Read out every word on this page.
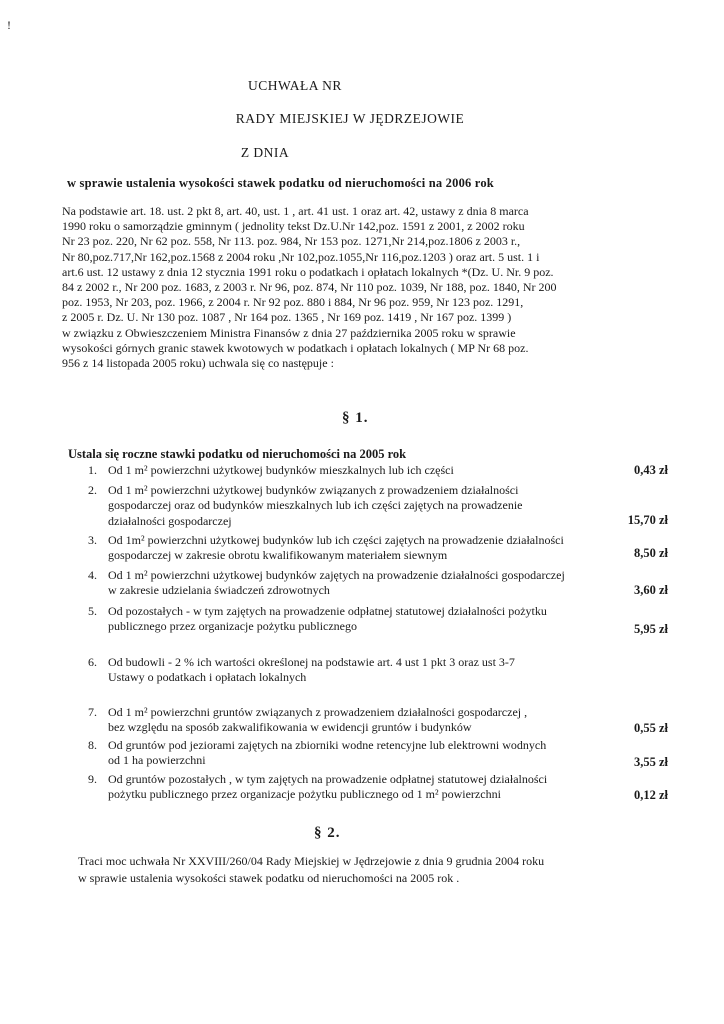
!
UCHWAŁA NR
RADY MIEJSKIEJ W JĘDRZEJOWIE
Z DNIA
w sprawie ustalenia wysokości stawek podatku od nieruchomości na 2006 rok
Na podstawie art. 18. ust. 2 pkt 8, art. 40, ust. 1 , art. 41 ust. 1 oraz art. 42, ustawy z dnia 8 marca
1990 roku o samorządzie gminnym ( jednolity tekst Dz.U.Nr 142,poz. 1591 z 2001, z 2002 roku
Nr 23 poz. 220, Nr 62 poz. 558, Nr 113. poz. 984, Nr 153 poz. 1271,Nr 214,poz.1806 z 2003 r.,
Nr 80,poz.717,Nr 162,poz.1568 z 2004 roku ,Nr 102,poz.1055,Nr 116,poz.1203 ) oraz art. 5 ust. 1 i
art.6 ust. 12 ustawy z dnia 12 stycznia 1991 roku o podatkach i opłatach lokalnych *(Dz. U. Nr. 9 poz.
84 z 2002 r., Nr 200 poz. 1683, z 2003 r. Nr 96, poz. 874, Nr 110 poz. 1039, Nr 188, poz. 1840, Nr 200
poz. 1953, Nr 203, poz. 1966, z 2004 r. Nr 92 poz. 880 i 884, Nr 96 poz. 959, Nr 123 poz. 1291,
z 2005 r. Dz. U. Nr 130 poz. 1087 , Nr 164 poz. 1365 , Nr 169 poz. 1419 , Nr 167 poz. 1399 )
w związku z Obwieszczeniem Ministra Finansów z dnia 27 października 2005 roku w sprawie
wysokości górnych granic stawek kwotowych w podatkach i opłatach lokalnych ( MP Nr 68 poz.
956 z 14 listopada 2005 roku) uchwala się co następuje :
§ 1.
Ustala się roczne stawki podatku od nieruchomości na 2005 rok
1. Od 1 m² powierzchni użytkowej budynków mieszkalnych lub ich części	0,43 zł
2. Od 1 m² powierzchni użytkowej budynków związanych z prowadzeniem działalności
gospodarczej oraz od budynków mieszkalnych lub ich części zajętych na prowadzenie
działalności gospodarczej	15,70 zł
3. Od 1m² powierzchni użytkowej budynków lub ich części zajętych na prowadzenie działalności
gospodarczej w zakresie obrotu kwalifikowanym materiałem siewnym	8,50 zł
4. Od 1 m² powierzchni użytkowej budynków zajętych na prowadzenie działalności gospodarczej
w zakresie udzielania świadczeń zdrowotnych	3,60 zł
5. Od pozostałych - w tym zajętych na prowadzenie odpłatnej statutowej działalności pożytku
publicznego przez organizacje pożytku publicznego	5,95 zł
6. Od budowli - 2 % ich wartości określonej na podstawie art. 4 ust 1 pkt 3 oraz ust 3-7
Ustawy o podatkach i opłatach lokalnych
7. Od 1 m² powierzchni gruntów związanych z prowadzeniem działalności gospodarczej ,
bez względu na sposób zakwalifikowania w ewidencji gruntów i budynków	0,55 zł
8. Od gruntów pod jeziorami zajętych na zbiorniki wodne retencyjne lub elektrowni wodnych
od 1 ha powierzchni	3,55 zł
9. Od gruntów pozostałych , w tym zajętych na prowadzenie odpłatnej statutowej działalności
pożytku publicznego przez organizacje pożytku publicznego od 1 m² powierzchni	0,12 zł
§ 2.
Traci moc uchwała Nr XXVIII/260/04 Rady Miejskiej w Jędrzejowie z dnia 9 grudnia 2004 roku
w sprawie ustalenia wysokości stawek podatku od nieruchomości na 2005 rok .
